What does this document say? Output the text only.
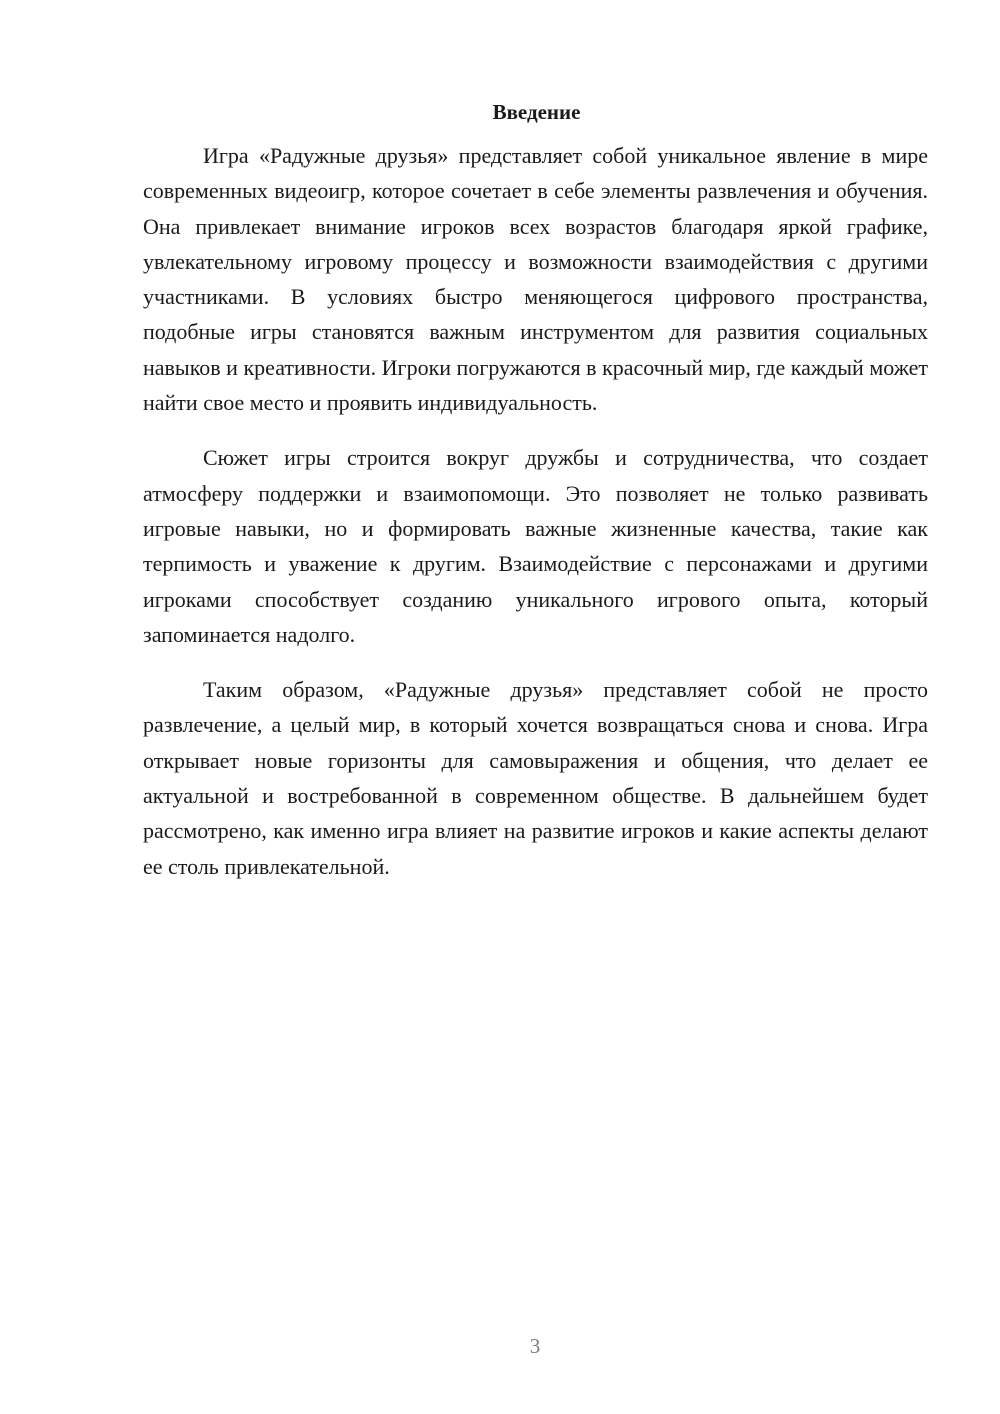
Введение

Игра «Радужные друзья» представляет собой уникальное явление в мире современных видеоигр, которое сочетает в себе элементы развлечения и обучения. Она привлекает внимание игроков всех возрастов благодаря яркой графике, увлекательному игровому процессу и возможности взаимодействия с другими участниками. В условиях быстро меняющегося цифрового пространства, подобные игры становятся важным инструментом для развития социальных навыков и креативности. Игроки погружаются в красочный мир, где каждый может найти свое место и проявить индивидуальность.

Сюжет игры строится вокруг дружбы и сотрудничества, что создает атмосферу поддержки и взаимопомощи. Это позволяет не только развивать игровые навыки, но и формировать важные жизненные качества, такие как терпимость и уважение к другим. Взаимодействие с персонажами и другими игроками способствует созданию уникального игрового опыта, который запоминается надолго.

Таким образом, «Радужные друзья» представляет собой не просто развлечение, а целый мир, в который хочется возвращаться снова и снова. Игра открывает новые горизонты для самовыражения и общения, что делает ее актуальной и востребованной в современном обществе. В дальнейшем будет рассмотрено, как именно игра влияет на развитие игроков и какие аспекты делают ее столь привлекательной.

3
